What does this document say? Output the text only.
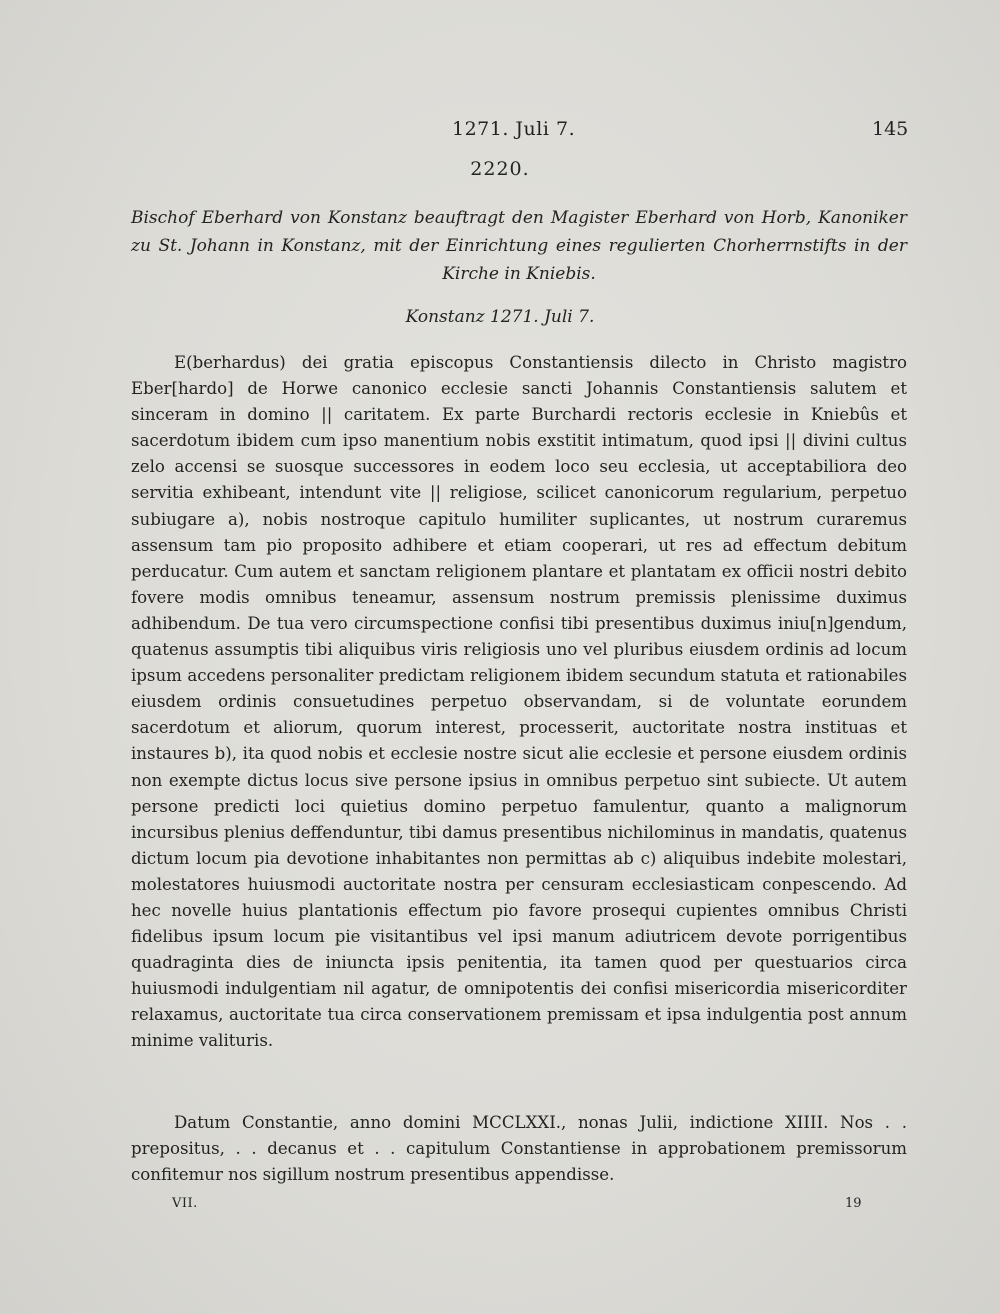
1271. Juli 7.	145
2220.
Bischof Eberhard von Konstanz beauftragt den Magister Eberhard von Horb, Kanoniker zu St. Johann in Konstanz, mit der Einrichtung eines regulierten Chorherrnstifts in der Kirche in Kniebis.
Konstanz 1271. Juli 7.

E(berhardus) dei gratia episcopus Constantiensis dilecto in Christo magistro Eber[hardo] de Horwe canonico ecclesie sancti Johannis Constantiensis salutem et sinceram in domino || caritatem. Ex parte Burchardi rectoris ecclesie in Kniebûs et sacerdotum ibidem cum ipso manentium nobis exstitit intimatum, quod ipsi || divini cultus zelo accensi se suosque successores in eodem loco seu ecclesia, ut acceptabiliora deo servitia exhibeant, intendunt vite || religiose, scilicet canonicorum regularium, perpetuo subiugare a), nobis nostroque capitulo humiliter suplicantes, ut nostrum curaremus assensum tam pio proposito adhibere et etiam cooperari, ut res ad effectum debitum perducatur. Cum autem et sanctam religionem plantare et plantatam ex officii nostri debito fovere modis omnibus teneamur, assensum nostrum premissis plenissime duximus adhibendum. De tua vero circumspectione confisi tibi presentibus duximus iniu[n]gendum, quatenus assumptis tibi aliquibus viris religiosis uno vel pluribus eiusdem ordinis ad locum ipsum accedens personaliter predictam religionem ibidem secundum statuta et rationabiles eiusdem ordinis consuetudines perpetuo observandam, si de voluntate eorundem sacerdotum et aliorum, quorum interest, processerit, auctoritate nostra instituas et instaures b), ita quod nobis et ecclesie nostre sicut alie ecclesie et persone eiusdem ordinis non exempte dictus locus sive persone ipsius in omnibus perpetuo sint subiecte. Ut autem persone predicti loci quietius domino perpetuo famulentur, quanto a malignorum incursibus plenius deffenduntur, tibi damus presentibus nichilominus in mandatis, quatenus dictum locum pia devotione inhabitantes non permittas ab c) aliquibus indebite molestari, molestatores huiusmodi auctoritate nostra per censuram ecclesiasticam conpescendo. Ad hec novelle huius plantationis effectum pio favore prosequi cupientes omnibus Christi fidelibus ipsum locum pie visitantibus vel ipsi manum adiutricem devote porrigentibus quadraginta dies de iniuncta ipsis penitentia, ita tamen quod per questuarios circa huiusmodi indulgentiam nil agatur, de omnipotentis dei confisi misericordia misericorditer relaxamus, auctoritate tua circa conservationem premissam et ipsa indulgentia post annum minime valituris.

Datum Constantie, anno domini MCCLXXI., nonas Julii, indictione XIIII. Nos . . prepositus, . . decanus et . . capitulum Constantiense in approbationem premissorum confitemur nos sigillum nostrum presentibus appendisse.
VII.	19
